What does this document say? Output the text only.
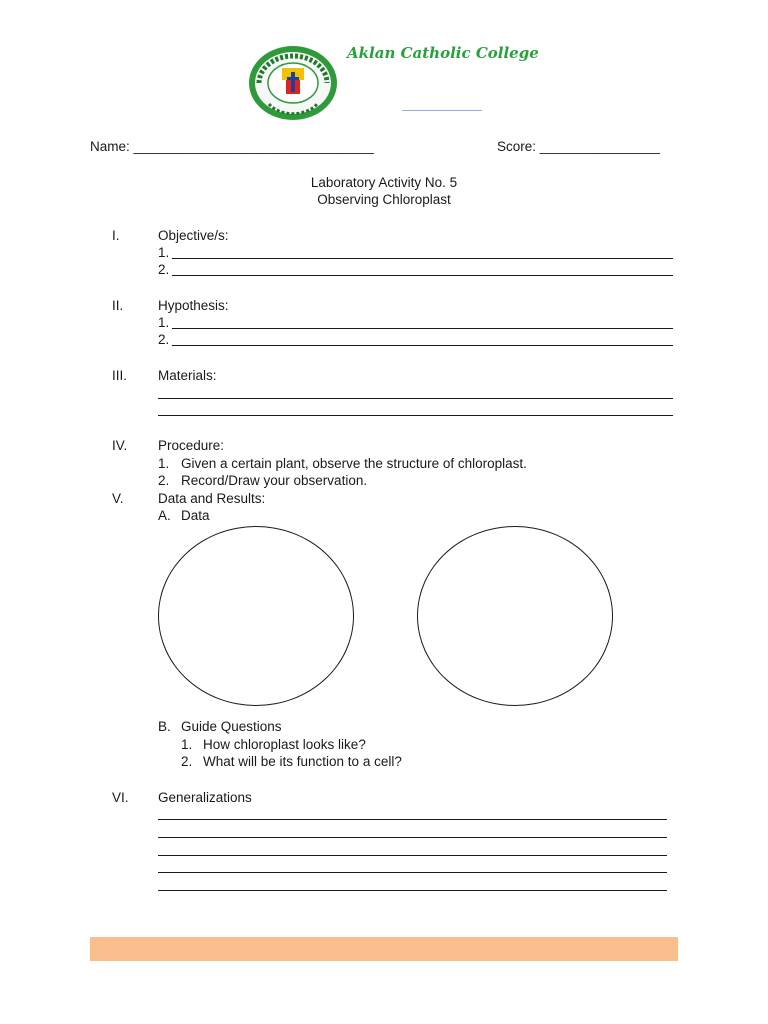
Aklan Catholic College
Name: ________________________________	Score: ________________
Laboratory Activity No. 5
Observing Chloroplast
I.	Objective/s:
1.
2.
II.	Hypothesis:
1.
2.
III. Materials:
IV. Procedure:
1. Given a certain plant, observe the structure of chloroplast.
2. Record/Draw your observation.
V.	Data and Results:
A. Data
B. Guide Questions
1. How chloroplast looks like?
2. What will be its function to a cell?
VI. Generalizations
